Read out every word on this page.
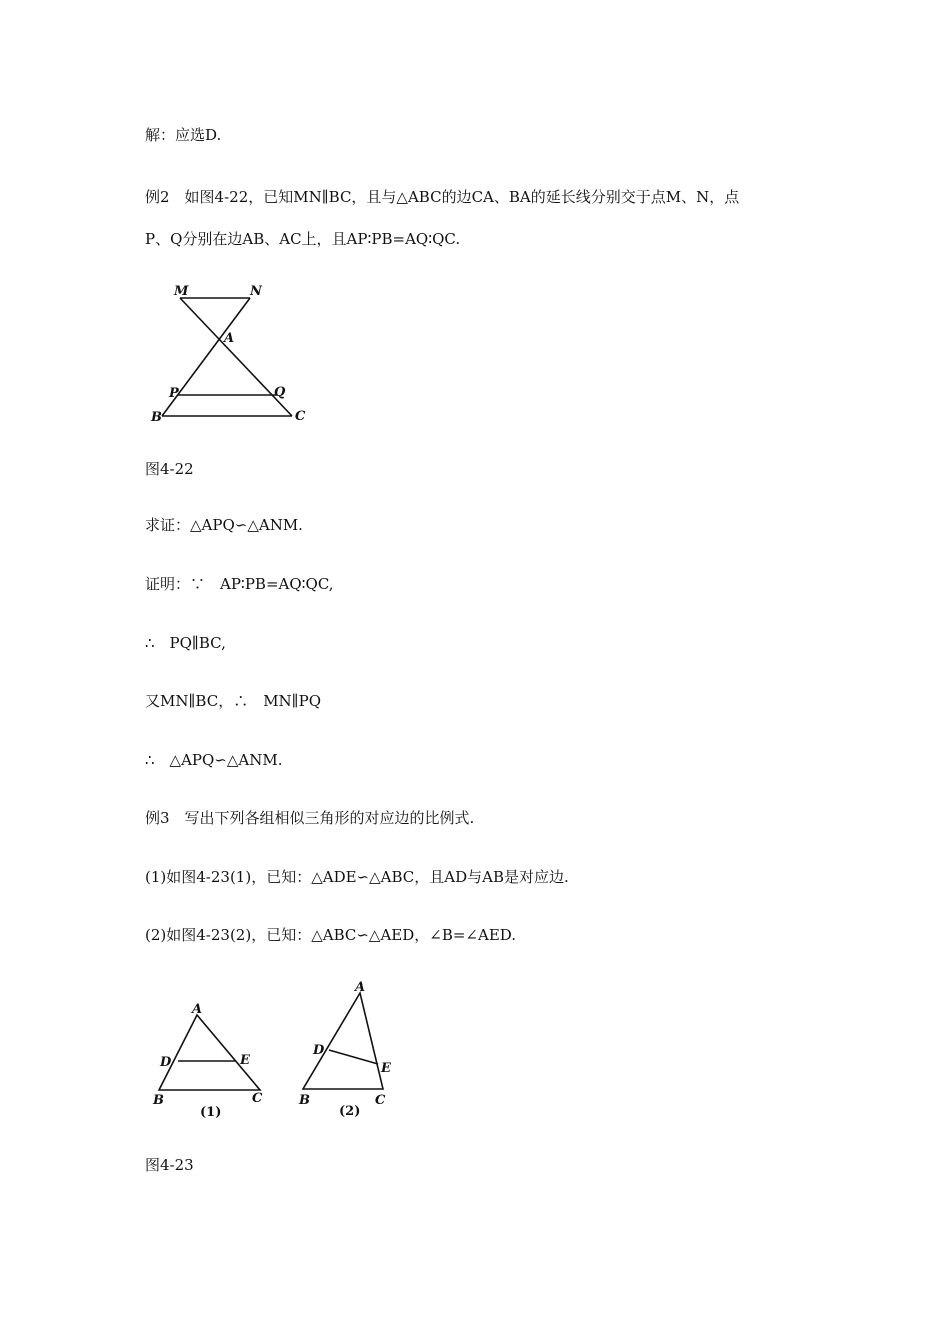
解：应选D.
例2　如图4-22，已知MN∥BC，且与△ABC的边CA、BA的延长线分别交于点M、N，点
P、Q分别在边AB、AC上，且AP∶PB=AQ∶QC.
M	N
A
P	Q
B	C
图4-22
求证：△APQ∽△ANM.
证明：∵　AP∶PB=AQ∶QC,
∴　PQ∥BC,
又MN∥BC，∴　MN∥PQ
∴　△APQ∽△ANM.
例3　写出下列各组相似三角形的对应边的比例式.
(1)如图4-23(1)，已知：△ADE∽△ABC，且AD与AB是对应边.
(2)如图4-23(2)，已知：△ABC∽△AED，∠B=∠AED.
A
D	E
B	C
(1)
A
D
E
B	C
(2)
图4-23
